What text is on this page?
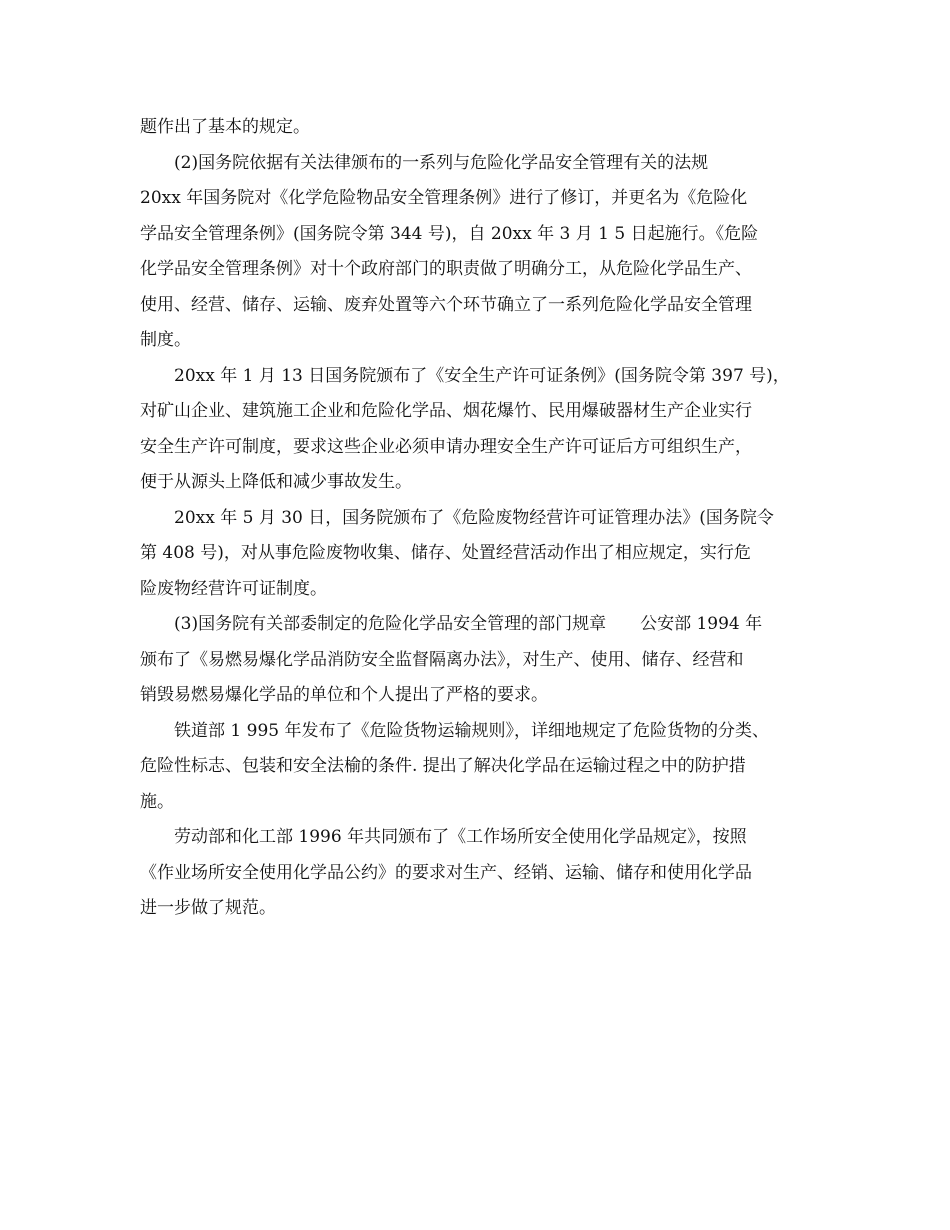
题作出了基本的规定。

(2)国务院依据有关法律颁布的一系列与危险化学品安全管理有关的法规

20xx 年国务院对《化学危险物品安全管理条例》进行了修订，并更名为《危险化
学品安全管理条例》(国务院令第 344 号)，自 20xx 年 3 月 1 5 日起施行。《危险
化学品安全管理条例》对十个政府部门的职责做了明确分工，从危险化学品生产、
使用、经营、储存、运输、废弃处置等六个环节确立了一系列危险化学品安全管理
制度。

20xx 年 1 月 13 日国务院颁布了《安全生产许可证条例》(国务院令第 397 号)，
对矿山企业、建筑施工企业和危险化学品、烟花爆竹、民用爆破器材生产企业实行
安全生产许可制度，要求这些企业必须申请办理安全生产许可证后方可组织生产，
便于从源头上降低和减少事故发生。

20xx 年 5 月 30 日，国务院颁布了《危险废物经营许可证管理办法》(国务院令
第 408 号)，对从事危险废物收集、储存、处置经营活动作出了相应规定，实行危
险废物经营许可证制度。

(3)国务院有关部委制定的危险化学品安全管理的部门规章　　公安部 1994 年
颁布了《易燃易爆化学品消防安全监督隔离办法》，对生产、使用、储存、经营和
销毁易燃易爆化学品的单位和个人提出了严格的要求。

铁道部 1 995 年发布了《危险货物运输规则》，详细地规定了危险货物的分类、
危险性标志、包装和安全法榆的条件. 提出了解决化学品在运输过程之中的防护措
施。

劳动部和化工部 1996 年共同颁布了《工作场所安全使用化学品规定》，按照
《作业场所安全使用化学品公约》的要求对生产、经销、运输、储存和使用化学品
进一步做了规范。
